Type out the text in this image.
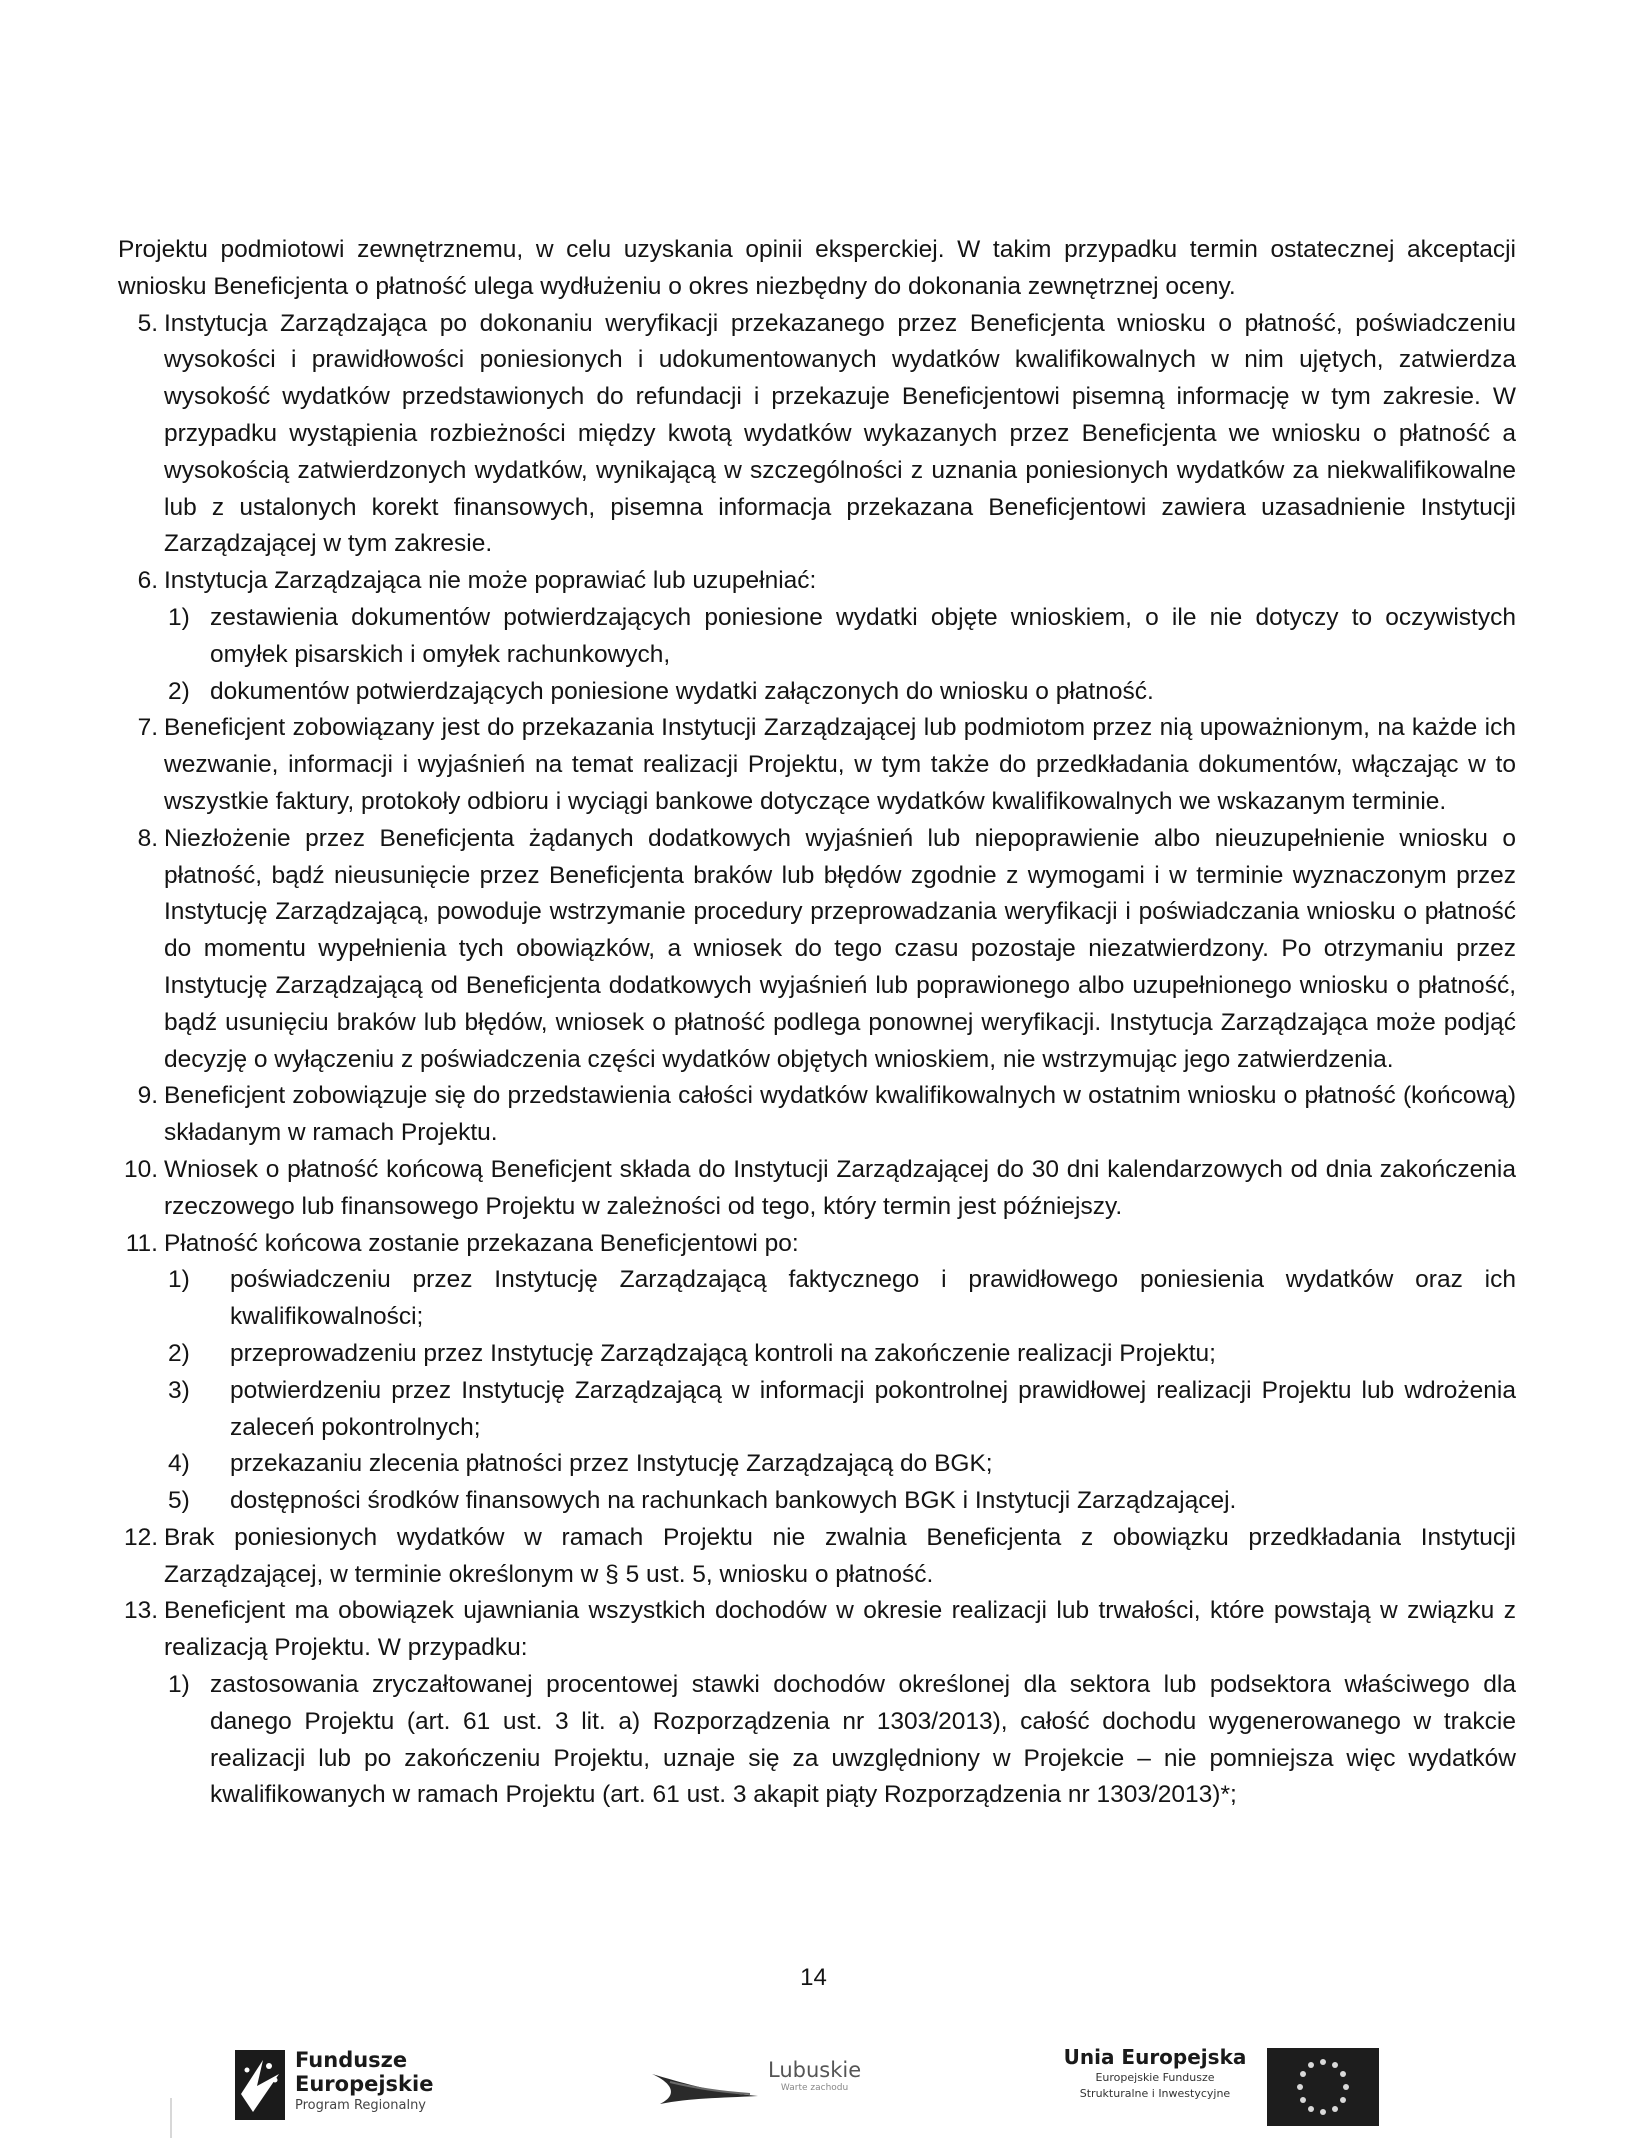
Projektu podmiotowi zewnętrznemu, w celu uzyskania opinii eksperckiej. W takim przypadku termin ostatecznej akceptacji wniosku Beneficjenta o płatność ulega wydłużeniu o okres niezbędny do dokonania zewnętrznej oceny.

5. Instytucja Zarządzająca po dokonaniu weryfikacji przekazanego przez Beneficjenta wniosku o płatność, poświadczeniu wysokości i prawidłowości poniesionych i udokumentowanych wydatków kwalifikowalnych w nim ujętych, zatwierdza wysokość wydatków przedstawionych do refundacji i przekazuje Beneficjentowi pisemną informację w tym zakresie. W przypadku wystąpienia rozbieżności między kwotą wydatków wykazanych przez Beneficjenta we wniosku o płatność a wysokością zatwierdzonych wydatków, wynikającą w szczególności z uznania poniesionych wydatków za niekwalifikowalne lub z ustalonych korekt finansowych, pisemna informacja przekazana Beneficjentowi zawiera uzasadnienie Instytucji Zarządzającej w tym zakresie.
6. Instytucja Zarządzająca nie może poprawiać lub uzupełniać:
1) zestawienia dokumentów potwierdzających poniesione wydatki objęte wnioskiem, o ile nie dotyczy to oczywistych omyłek pisarskich i omyłek rachunkowych,
2) dokumentów potwierdzających poniesione wydatki załączonych do wniosku o płatność.
7. Beneficjent zobowiązany jest do przekazania Instytucji Zarządzającej lub podmiotom przez nią upoważnionym, na każde ich wezwanie, informacji i wyjaśnień na temat realizacji Projektu, w tym także do przedkładania dokumentów, włączając w to wszystkie faktury, protokoły odbioru i wyciągi bankowe dotyczące wydatków kwalifikowalnych we wskazanym terminie.
8. Niezłożenie przez Beneficjenta żądanych dodatkowych wyjaśnień lub niepoprawienie albo nieuzupełnienie wniosku o płatność, bądź nieusunięcie przez Beneficjenta braków lub błędów zgodnie z wymogami i w terminie wyznaczonym przez Instytucję Zarządzającą, powoduje wstrzymanie procedury przeprowadzania weryfikacji i poświadczania wniosku o płatność do momentu wypełnienia tych obowiązków, a wniosek do tego czasu pozostaje niezatwierdzony. Po otrzymaniu przez Instytucję Zarządzającą od Beneficjenta dodatkowych wyjaśnień lub poprawionego albo uzupełnionego wniosku o płatność, bądź usunięciu braków lub błędów, wniosek o płatność podlega ponownej weryfikacji. Instytucja Zarządzająca może podjąć decyzję o wyłączeniu z poświadczenia części wydatków objętych wnioskiem, nie wstrzymując jego zatwierdzenia.
9. Beneficjent zobowiązuje się do przedstawienia całości wydatków kwalifikowalnych w ostatnim wniosku o płatność (końcową) składanym w ramach Projektu.
10. Wniosek o płatność końcową Beneficjent składa do Instytucji Zarządzającej do 30 dni kalendarzowych od dnia zakończenia rzeczowego lub finansowego Projektu w zależności od tego, który termin jest późniejszy.
11. Płatność końcowa zostanie przekazana Beneficjentowi po:
1) poświadczeniu przez Instytucję Zarządzającą faktycznego i prawidłowego poniesienia wydatków oraz ich kwalifikowalności;
2) przeprowadzeniu przez Instytucję Zarządzającą kontroli na zakończenie realizacji Projektu;
3) potwierdzeniu przez Instytucję Zarządzającą w informacji pokontrolnej prawidłowej realizacji Projektu lub wdrożenia zaleceń pokontrolnych;
4) przekazaniu zlecenia płatności przez Instytucję Zarządzającą do BGK;
5) dostępności środków finansowych na rachunkach bankowych BGK i Instytucji Zarządzającej.
12. Brak poniesionych wydatków w ramach Projektu nie zwalnia Beneficjenta z obowiązku przedkładania Instytucji Zarządzającej, w terminie określonym w § 5 ust. 5, wniosku o płatność.
13. Beneficjent ma obowiązek ujawniania wszystkich dochodów w okresie realizacji lub trwałości, które powstają w związku z realizacją Projektu. W przypadku:
1) zastosowania zryczałtowanej procentowej stawki dochodów określonej dla sektora lub podsektora właściwego dla danego Projektu (art. 61 ust. 3 lit. a) Rozporządzenia nr 1303/2013), całość dochodu wygenerowanego w trakcie realizacji lub po zakończeniu Projektu, uznaje się za uwzględniony w Projekcie – nie pomniejsza więc wydatków kwalifikowanych w ramach Projektu (art. 61 ust. 3 akapit piąty Rozporządzenia nr 1303/2013)*;
14
Fundusze
Europejskie
Program Regionalny
Lubuskie
Warte zachodu
Unia Europejska
Europejskie Fundusze
Strukturalne i Inwestycyjne
